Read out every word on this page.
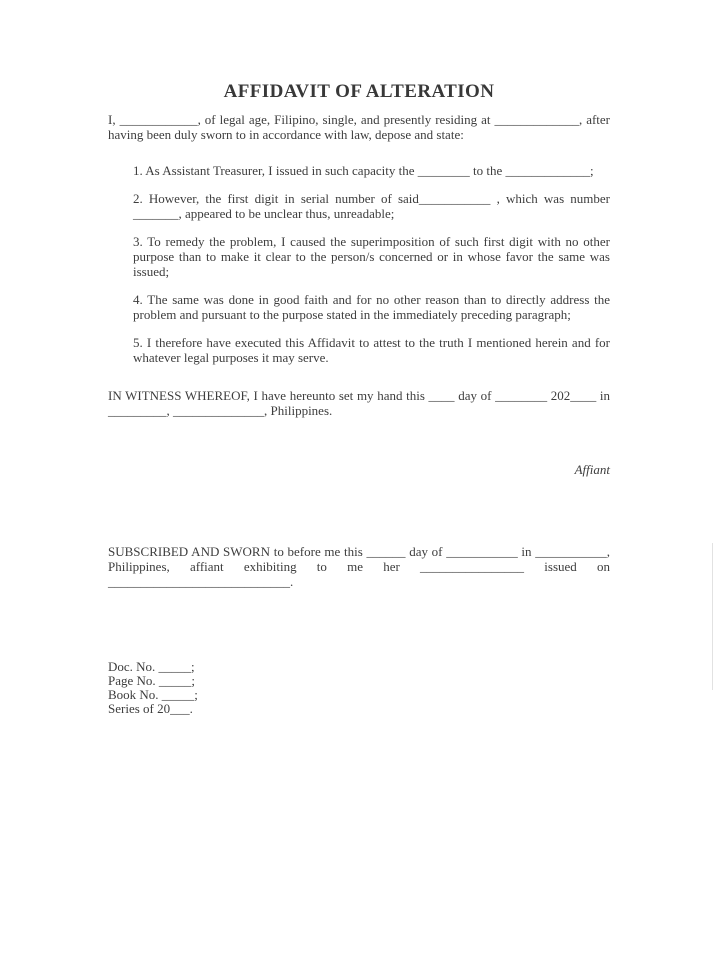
AFFIDAVIT OF ALTERATION

I, ____________, of legal age, Filipino, single, and presently residing at _____________, after having been duly sworn to in accordance with law, depose and state:

1. As Assistant Treasurer, I issued in such capacity the ________ to the _____________;

2. However, the first digit in serial number of said___________ , which was number _______, appeared to be unclear thus, unreadable;

3. To remedy the problem, I caused the superimposition of such first digit with no other purpose than to make it clear to the person/s concerned or in whose favor the same was issued;

4. The same was done in good faith and for no other reason than to directly address the problem and pursuant to the purpose stated in the immediately preceding paragraph;

5. I therefore have executed this Affidavit to attest to the truth I mentioned herein and for whatever legal purposes it may serve.

IN WITNESS WHEREOF, I have hereunto set my hand this ____ day of ________ 202____ in _________, ______________, Philippines.

Affiant

SUBSCRIBED AND SWORN to before me this ______ day of ___________ in ___________, Philippines, affiant exhibiting to me her ________________ issued on ____________________________.

Doc. No. _____;
Page No. _____;
Book No. _____;
Series of 20___.
